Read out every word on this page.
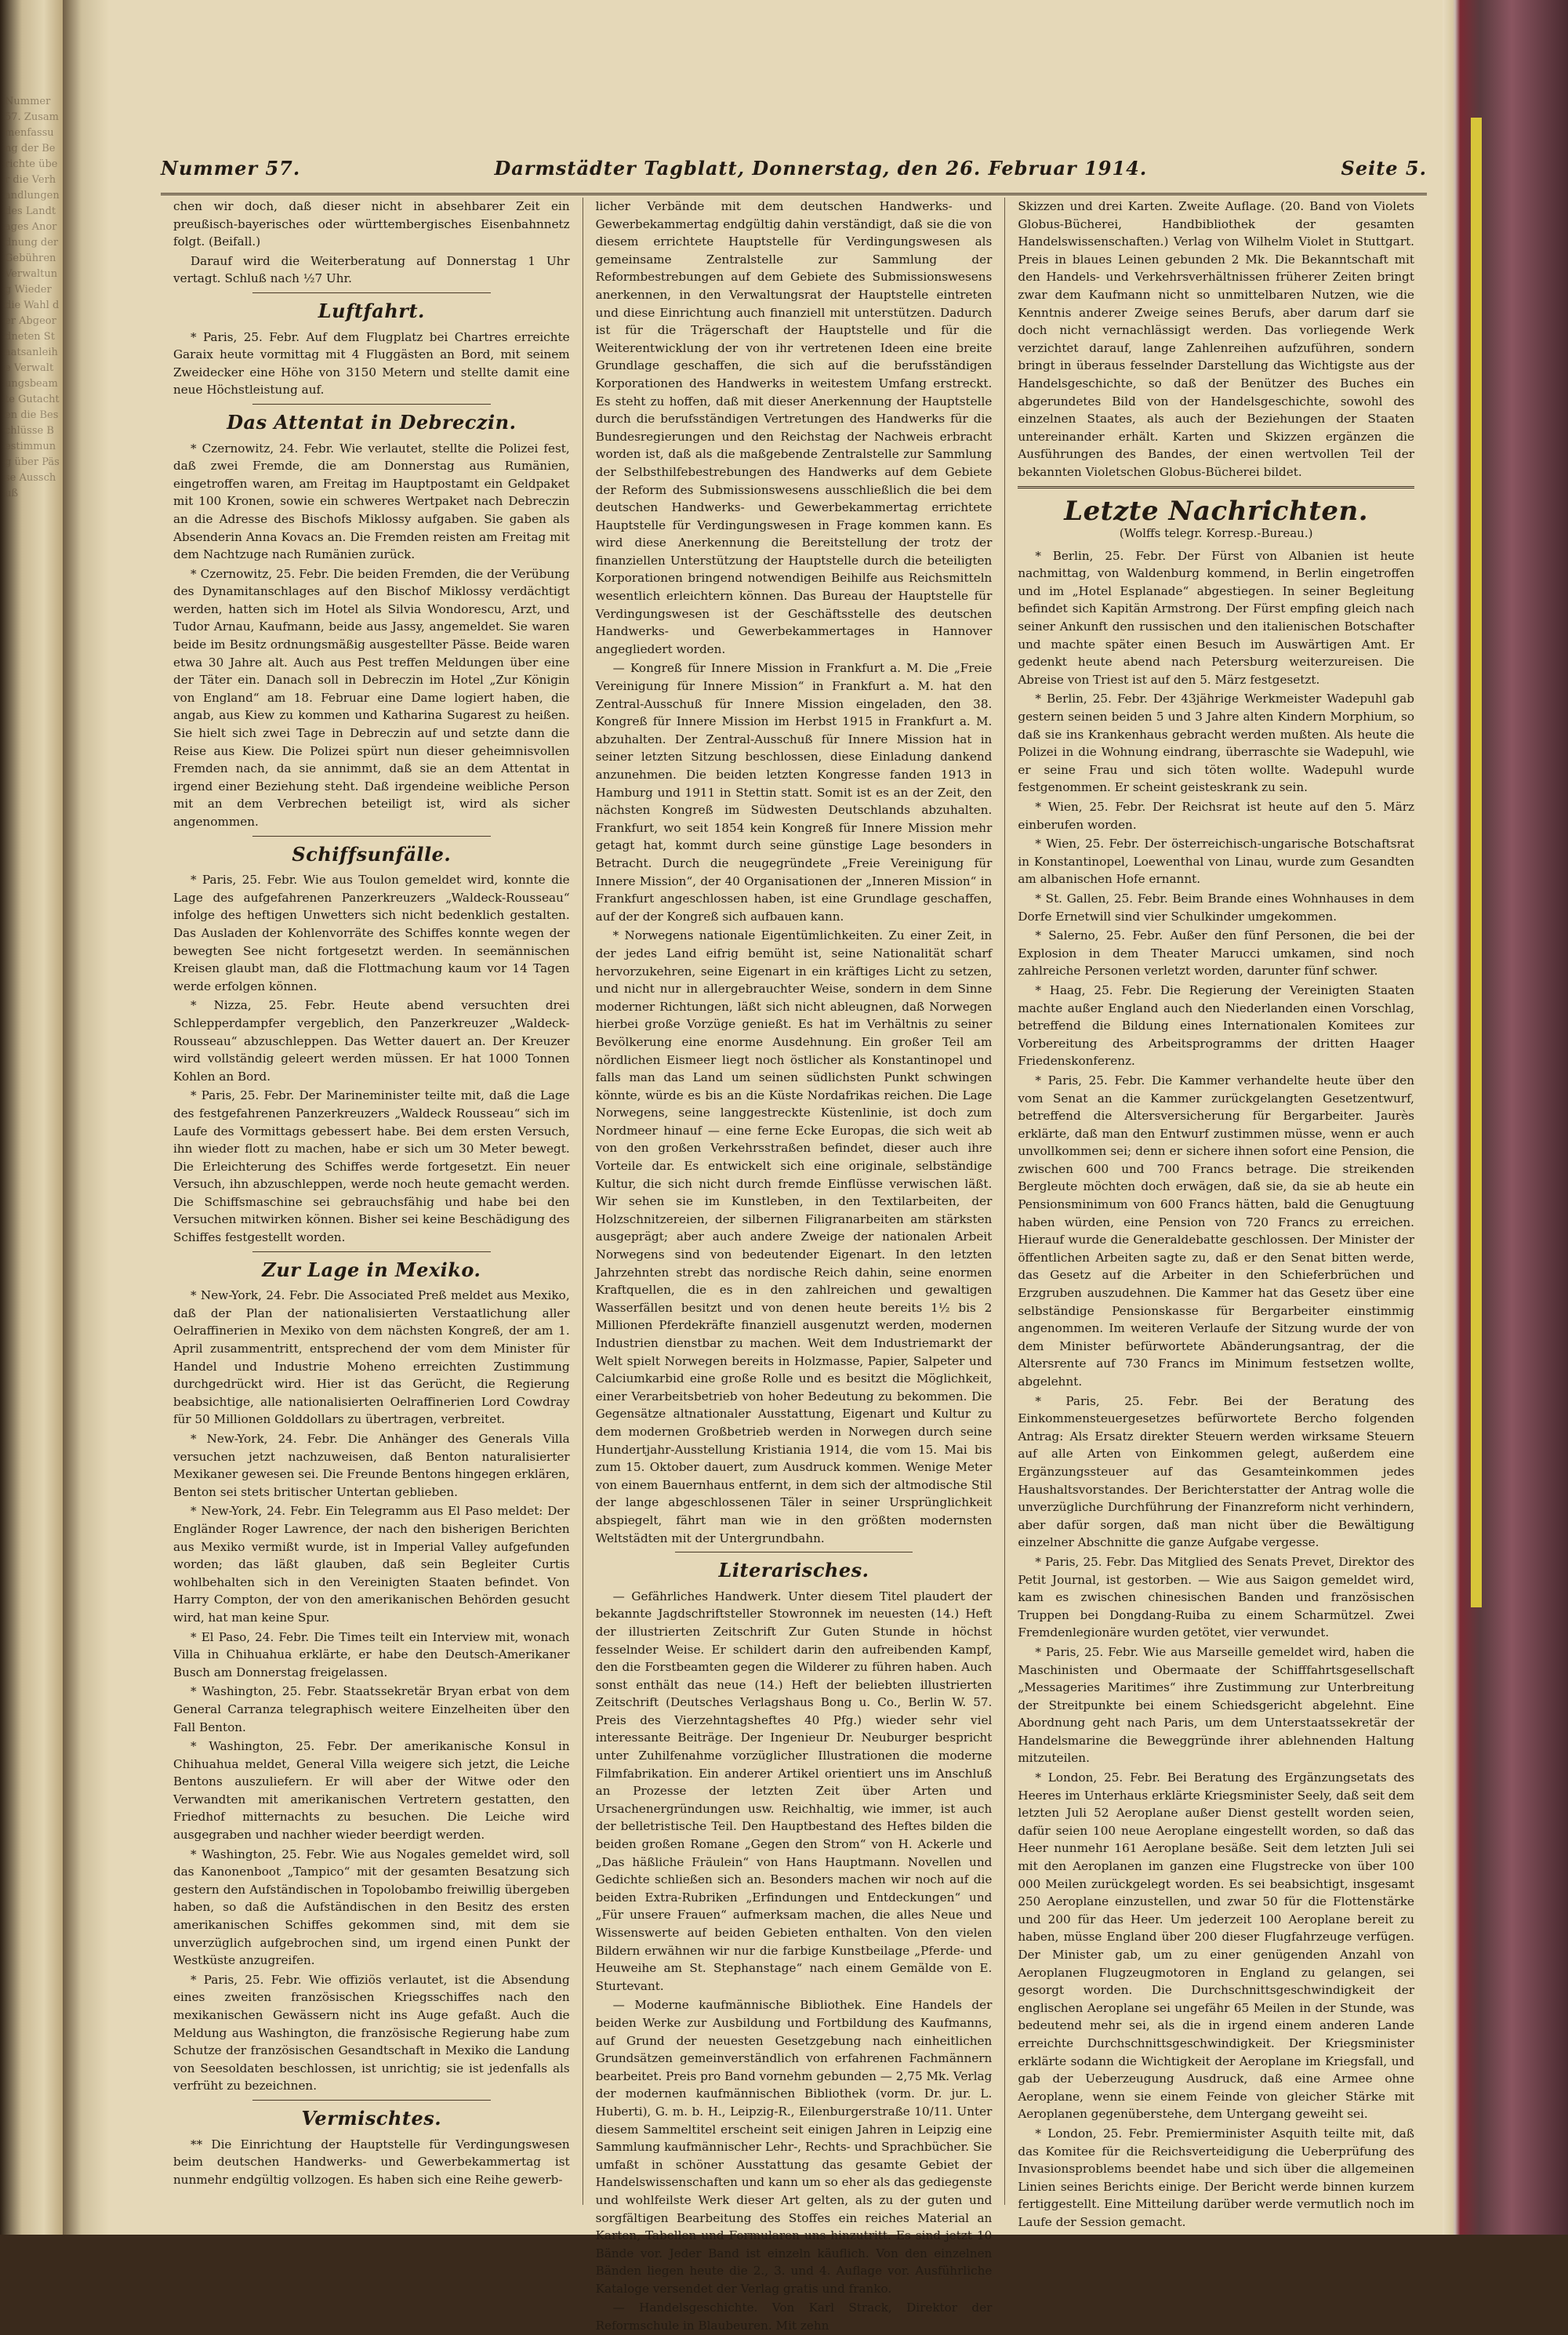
Nummer 57. Zusammenfassung der Berichte über die Verhandlungen des Landtages Anordnung der Gebühren Verwaltung Wieder die Wahl der Abgeordneten Staatsanleihe Verwaltungsbeamte Gutachten die Beschlüsse Bestimmung über Pässe Ausschuß
Nummer 57.	Darmstädter Tagblatt, Donnerstag, den 26. Februar 1914.	Seite 5.

chen wir doch, daß dieser nicht in absehbarer Zeit ein preußisch-bayerisches oder württembergisches Eisenbahnnetz folgt. (Beifall.)

Darauf wird die Weiterberatung auf Donnerstag 1 Uhr vertagt. Schluß nach ½7 Uhr.

Luftfahrt.

* Paris, 25. Febr. Auf dem Flugplatz bei Chartres erreichte Garaix heute vormittag mit 4 Fluggästen an Bord, mit seinem Zweidecker eine Höhe von 3150 Metern und stellte damit eine neue Höchstleistung auf.

Das Attentat in Debreczin.

* Czernowitz, 24. Febr. Wie verlautet, stellte die Polizei fest, daß zwei Fremde, die am Donnerstag aus Rumänien, eingetroffen waren, am Freitag im Hauptpostamt ein Geldpaket mit 100 Kronen, sowie ein schweres Wertpaket nach Debreczin an die Adresse des Bischofs Miklossy aufgaben. Sie gaben als Absenderin Anna Kovacs an. Die Fremden reisten am Freitag mit dem Nachtzuge nach Rumänien zurück.

* Czernowitz, 25. Febr. Die beiden Fremden, die der Verübung des Dynamitanschlages auf den Bischof Miklossy verdächtigt werden, hatten sich im Hotel als Silvia Wondorescu, Arzt, und Tudor Arnau, Kaufmann, beide aus Jassy, angemeldet. Sie waren beide im Besitz ordnungsmäßig ausgestellter Pässe. Beide waren etwa 30 Jahre alt. Auch aus Pest treffen Meldungen über eine der Täter ein. Danach soll in Debreczin im Hotel „Zur Königin von England“ am 18. Februar eine Dame logiert haben, die angab, aus Kiew zu kommen und Katharina Sugarest zu heißen. Sie hielt sich zwei Tage in Debreczin auf und setzte dann die Reise aus Kiew. Die Polizei spürt nun dieser geheimnisvollen Fremden nach, da sie annimmt, daß sie an dem Attentat in irgend einer Beziehung steht. Daß irgendeine weibliche Person mit an dem Verbrechen beteiligt ist, wird als sicher angenommen.

Schiffsunfälle.

* Paris, 25. Febr. Wie aus Toulon gemeldet wird, konnte die Lage des aufgefahrenen Panzerkreuzers „Waldeck-Rousseau“ infolge des heftigen Unwetters sich nicht bedenklich gestalten. Das Ausladen der Kohlenvorräte des Schiffes konnte wegen der bewegten See nicht fortgesetzt werden. In seemännischen Kreisen glaubt man, daß die Flottmachung kaum vor 14 Tagen werde erfolgen können.

* Nizza, 25. Febr. Heute abend versuchten drei Schlepperdampfer vergeblich, den Panzerkreuzer „Waldeck-Rousseau“ abzuschleppen. Das Wetter dauert an. Der Kreuzer wird vollständig geleert werden müssen. Er hat 1000 Tonnen Kohlen an Bord.

* Paris, 25. Febr. Der Marineminister teilte mit, daß die Lage des festgefahrenen Panzerkreuzers „Waldeck Rousseau“ sich im Laufe des Vormittags gebessert habe. Bei dem ersten Versuch, ihn wieder flott zu machen, habe er sich um 30 Meter bewegt. Die Erleichterung des Schiffes werde fortgesetzt. Ein neuer Versuch, ihn abzuschleppen, werde noch heute gemacht werden. Die Schiffsmaschine sei gebrauchsfähig und habe bei den Versuchen mitwirken können. Bisher sei keine Beschädigung des Schiffes festgestellt worden.

Zur Lage in Mexiko.

* New-York, 24. Febr. Die Associated Preß meldet aus Mexiko, daß der Plan der nationalisierten Verstaatlichung aller Oelraffinerien in Mexiko von dem nächsten Kongreß, der am 1. April zusammentritt, entsprechend der vom dem Minister für Handel und Industrie Moheno erreichten Zustimmung durchgedrückt wird. Hier ist das Gerücht, die Regierung beabsichtige, alle nationalisierten Oelraffinerien Lord Cowdray für 50 Millionen Golddollars zu übertragen, verbreitet.

* New-York, 24. Febr. Die Anhänger des Generals Villa versuchen jetzt nachzuweisen, daß Benton naturalisierter Mexikaner gewesen sei. Die Freunde Bentons hingegen erklären, Benton sei stets britischer Untertan geblieben.

* New-York, 24. Febr. Ein Telegramm aus El Paso meldet: Der Engländer Roger Lawrence, der nach den bisherigen Berichten aus Mexiko vermißt wurde, ist in Imperial Valley aufgefunden worden; das läßt glauben, daß sein Begleiter Curtis wohlbehalten sich in den Vereinigten Staaten befindet. Von Harry Compton, der von den amerikanischen Behörden gesucht wird, hat man keine Spur.

* El Paso, 24. Febr. Die Times teilt ein Interview mit, wonach Villa in Chihuahua erklärte, er habe den Deutsch-Amerikaner Busch am Donnerstag freigelassen.

* Washington, 25. Febr. Staatssekretär Bryan erbat von dem General Carranza telegraphisch weitere Einzelheiten über den Fall Benton.

* Washington, 25. Febr. Der amerikanische Konsul in Chihuahua meldet, General Villa weigere sich jetzt, die Leiche Bentons auszuliefern. Er will aber der Witwe oder den Verwandten mit amerikanischen Vertretern gestatten, den Friedhof mitternachts zu besuchen. Die Leiche wird ausgegraben und nachher wieder beerdigt werden.

* Washington, 25. Febr. Wie aus Nogales gemeldet wird, soll das Kanonenboot „Tampico“ mit der gesamten Besatzung sich gestern den Aufständischen in Topolobambo freiwillig übergeben haben, so daß die Aufständischen in den Besitz des ersten amerikanischen Schiffes gekommen sind, mit dem sie unverzüglich aufgebrochen sind, um irgend einen Punkt der Westküste anzugreifen.

* Paris, 25. Febr. Wie offiziös verlautet, ist die Absendung eines zweiten französischen Kriegsschiffes nach den mexikanischen Gewässern nicht ins Auge gefaßt. Auch die Meldung aus Washington, die französische Regierung habe zum Schutze der französischen Gesandtschaft in Mexiko die Landung von Seesoldaten beschlossen, ist unrichtig; sie ist jedenfalls als verfrüht zu bezeichnen.

Vermischtes.

** Die Einrichtung der Hauptstelle für Verdingungswesen beim deutschen Handwerks- und Gewerbekammertag ist nunmehr endgültig vollzogen. Es haben sich eine Reihe gewerb-

licher Verbände mit dem deutschen Handwerks- und Gewerbekammertag endgültig dahin verständigt, daß sie die von diesem errichtete Hauptstelle für Verdingungswesen als gemeinsame Zentralstelle zur Sammlung der Reformbestrebungen auf dem Gebiete des Submissionswesens anerkennen, in den Verwaltungsrat der Hauptstelle eintreten und diese Einrichtung auch finanziell mit unterstützen. Dadurch ist für die Trägerschaft der Hauptstelle und für die Weiterentwicklung der von ihr vertretenen Ideen eine breite Grundlage geschaffen, die sich auf die berufsständigen Korporationen des Handwerks in weitestem Umfang erstreckt. Es steht zu hoffen, daß mit dieser Anerkennung der Hauptstelle durch die berufsständigen Vertretungen des Handwerks für die Bundesregierungen und den Reichstag der Nachweis erbracht worden ist, daß als die maßgebende Zentralstelle zur Sammlung der Selbsthilfebestrebungen des Handwerks auf dem Gebiete der Reform des Submissionswesens ausschließlich die bei dem deutschen Handwerks- und Gewerbekammertag errichtete Hauptstelle für Verdingungswesen in Frage kommen kann. Es wird diese Anerkennung die Bereitstellung der trotz der finanziellen Unterstützung der Hauptstelle durch die beteiligten Korporationen bringend notwendigen Beihilfe aus Reichsmitteln wesentlich erleichtern können. Das Bureau der Hauptstelle für Verdingungswesen ist der Geschäftsstelle des deutschen Handwerks- und Gewerbekammertages in Hannover angegliedert worden.

— Kongreß für Innere Mission in Frankfurt a. M. Die „Freie Vereinigung für Innere Mission“ in Frankfurt a. M. hat den Zentral-Ausschuß für Innere Mission eingeladen, den 38. Kongreß für Innere Mission im Herbst 1915 in Frankfurt a. M. abzuhalten. Der Zentral-Ausschuß für Innere Mission hat in seiner letzten Sitzung beschlossen, diese Einladung dankend anzunehmen. Die beiden letzten Kongresse fanden 1913 in Hamburg und 1911 in Stettin statt. Somit ist es an der Zeit, den nächsten Kongreß im Südwesten Deutschlands abzuhalten. Frankfurt, wo seit 1854 kein Kongreß für Innere Mission mehr getagt hat, kommt durch seine günstige Lage besonders in Betracht. Durch die neugegründete „Freie Vereinigung für Innere Mission“, der 40 Organisationen der „Inneren Mission“ in Frankfurt angeschlossen haben, ist eine Grundlage geschaffen, auf der der Kongreß sich aufbauen kann.

* Norwegens nationale Eigentümlichkeiten. Zu einer Zeit, in der jedes Land eifrig bemüht ist, seine Nationalität scharf hervorzukehren, seine Eigenart in ein kräftiges Licht zu setzen, und nicht nur in allergebrauchter Weise, sondern in dem Sinne moderner Richtungen, läßt sich nicht ableugnen, daß Norwegen hierbei große Vorzüge genießt. Es hat im Verhältnis zu seiner Bevölkerung eine enorme Ausdehnung. Ein großer Teil am nördlichen Eismeer liegt noch östlicher als Konstantinopel und falls man das Land um seinen südlichsten Punkt schwingen könnte, würde es bis an die Küste Nordafrikas reichen. Die Lage Norwegens, seine langgestreckte Küstenlinie, ist doch zum Nordmeer hinauf — eine ferne Ecke Europas, die sich weit ab von den großen Verkehrsstraßen befindet, dieser auch ihre Vorteile dar. Es entwickelt sich eine originale, selbständige Kultur, die sich nicht durch fremde Einflüsse verwischen läßt. Wir sehen sie im Kunstleben, in den Textilarbeiten, der Holzschnitzereien, der silbernen Filigranarbeiten am stärksten ausgeprägt; aber auch andere Zweige der nationalen Arbeit Norwegens sind von bedeutender Eigenart. In den letzten Jahrzehnten strebt das nordische Reich dahin, seine enormen Kraftquellen, die es in den zahlreichen und gewaltigen Wasserfällen besitzt und von denen heute bereits 1½ bis 2 Millionen Pferdekräfte finanziell ausgenutzt werden, modernen Industrien dienstbar zu machen. Weit dem Industriemarkt der Welt spielt Norwegen bereits in Holzmasse, Papier, Salpeter und Calciumkarbid eine große Rolle und es besitzt die Möglichkeit, einer Verarbeitsbetrieb von hoher Bedeutung zu bekommen. Die Gegensätze altnationaler Ausstattung, Eigenart und Kultur zu dem modernen Großbetrieb werden in Norwegen durch seine Hundertjahr-Ausstellung Kristiania 1914, die vom 15. Mai bis zum 15. Oktober dauert, zum Ausdruck kommen. Wenige Meter von einem Bauernhaus entfernt, in dem sich der altmodische Stil der lange abgeschlossenen Täler in seiner Ursprünglichkeit abspiegelt, fährt man wie in den größten modernsten Weltstädten mit der Untergrundbahn.

Literarisches.

— Gefährliches Handwerk. Unter diesem Titel plaudert der bekannte Jagdschriftsteller Stowronnek im neuesten (14.) Heft der illustrierten Zeitschrift Zur Guten Stunde in höchst fesselnder Weise. Er schildert darin den aufreibenden Kampf, den die Forstbeamten gegen die Wilderer zu führen haben. Auch sonst enthält das neue (14.) Heft der beliebten illustrierten Zeitschrift (Deutsches Verlagshaus Bong u. Co., Berlin W. 57. Preis des Vierzehntagsheftes 40 Pfg.) wieder sehr viel interessante Beiträge. Der Ingenieur Dr. Neuburger bespricht unter Zuhilfenahme vorzüglicher Illustrationen die moderne Filmfabrikation. Ein anderer Artikel orientiert uns im Anschluß an Prozesse der letzten Zeit über Arten und Ursachenergründungen usw. Reichhaltig, wie immer, ist auch der belletristische Teil. Den Hauptbestand des Heftes bilden die beiden großen Romane „Gegen den Strom“ von H. Ackerle und „Das häßliche Fräulein“ von Hans Hauptmann. Novellen und Gedichte schließen sich an. Besonders machen wir noch auf die beiden Extra-Rubriken „Erfindungen und Entdeckungen“ und „Für unsere Frauen“ aufmerksam machen, die alles Neue und Wissenswerte auf beiden Gebieten enthalten. Von den vielen Bildern erwähnen wir nur die farbige Kunstbeilage „Pferde- und Heuweihe am St. Stephanstage“ nach einem Gemälde von E. Sturtevant.

— Moderne kaufmännische Bibliothek. Eine Handels der beiden Werke zur Ausbildung und Fortbildung des Kaufmanns, auf Grund der neuesten Gesetzgebung nach einheitlichen Grundsätzen gemeinverständlich von erfahrenen Fachmännern bearbeitet. Preis pro Band vornehm gebunden — 2,75 Mk. Verlag der modernen kaufmännischen Bibliothek (vorm. Dr. jur. L. Huberti), G. m. b. H., Leipzig-R., Eilenburgerstraße 10/11. Unter diesem Sammeltitel erscheint seit einigen Jahren in Leipzig eine Sammlung kaufmännischer Lehr-, Rechts- und Sprachbücher. Sie umfaßt in schöner Ausstattung das gesamte Gebiet der Handelswissenschaften und kann um so eher als das gediegenste und wohlfeilste Werk dieser Art gelten, als zu der guten und sorgfältigen Bearbeitung des Stoffes ein reiches Material an Karten, Tabellen und Formularen uns hinzutritt. Es sind jetzt 10 Bände vor. Jeder Band ist einzeln käuflich. Von den einzelnen Bänden liegen heute die 2., 3. und 4. Auflage vor. Ausführliche Kataloge versendet der Verlag gratis und franko.

— Handelsgeschichte. Von Karl Strack, Direktor der Reformschule in Blaubeuren. Mit zehn

Skizzen und drei Karten. Zweite Auflage. (20. Band von Violets Globus-Bücherei, Handbibliothek der gesamten Handelswissenschaften.) Verlag von Wilhelm Violet in Stuttgart. Preis in blaues Leinen gebunden 2 Mk. Die Bekanntschaft mit den Handels- und Verkehrsverhältnissen früherer Zeiten bringt zwar dem Kaufmann nicht so unmittelbaren Nutzen, wie die Kenntnis anderer Zweige seines Berufs, aber darum darf sie doch nicht vernachlässigt werden. Das vorliegende Werk verzichtet darauf, lange Zahlenreihen aufzuführen, sondern bringt in überaus fesselnder Darstellung das Wichtigste aus der Handelsgeschichte, so daß der Benützer des Buches ein abgerundetes Bild von der Handelsgeschichte, sowohl des einzelnen Staates, als auch der Beziehungen der Staaten untereinander erhält. Karten und Skizzen ergänzen die Ausführungen des Bandes, der einen wertvollen Teil der bekannten Violetschen Globus-Bücherei bildet.

Letzte Nachrichten.
(Wolffs telegr. Korresp.-Bureau.)

* Berlin, 25. Febr. Der Fürst von Albanien ist heute nachmittag, von Waldenburg kommend, in Berlin eingetroffen und im „Hotel Esplanade“ abgestiegen. In seiner Begleitung befindet sich Kapitän Armstrong. Der Fürst empfing gleich nach seiner Ankunft den russischen und den italienischen Botschafter und machte später einen Besuch im Auswärtigen Amt. Er gedenkt heute abend nach Petersburg weiterzureisen. Die Abreise von Triest ist auf den 5. März festgesetzt.

* Berlin, 25. Febr. Der 43jährige Werkmeister Wadepuhl gab gestern seinen beiden 5 und 3 Jahre alten Kindern Morphium, so daß sie ins Krankenhaus gebracht werden mußten. Als heute die Polizei in die Wohnung eindrang, überraschte sie Wadepuhl, wie er seine Frau und sich töten wollte. Wadepuhl wurde festgenommen. Er scheint geisteskrank zu sein.

* Wien, 25. Febr. Der Reichsrat ist heute auf den 5. März einberufen worden.

* Wien, 25. Febr. Der österreichisch-ungarische Botschaftsrat in Konstantinopel, Loewenthal von Linau, wurde zum Gesandten am albanischen Hofe ernannt.

* St. Gallen, 25. Febr. Beim Brande eines Wohnhauses in dem Dorfe Ernetwill sind vier Schulkinder umgekommen.

* Salerno, 25. Febr. Außer den fünf Personen, die bei der Explosion in dem Theater Marucci umkamen, sind noch zahlreiche Personen verletzt worden, darunter fünf schwer.

* Haag, 25. Febr. Die Regierung der Vereinigten Staaten machte außer England auch den Niederlanden einen Vorschlag, betreffend die Bildung eines Internationalen Komitees zur Vorbereitung des Arbeitsprogramms der dritten Haager Friedenskonferenz.

* Paris, 25. Febr. Die Kammer verhandelte heute über den vom Senat an die Kammer zurückgelangten Gesetzentwurf, betreffend die Altersversicherung für Bergarbeiter. Jaurès erklärte, daß man den Entwurf zustimmen müsse, wenn er auch unvollkommen sei; denn er sichere ihnen sofort eine Pension, die zwischen 600 und 700 Francs betrage. Die streikenden Bergleute möchten doch erwägen, daß sie, da sie ab heute ein Pensionsminimum von 600 Francs hätten, bald die Genugtuung haben würden, eine Pension von 720 Francs zu erreichen. Hierauf wurde die Generaldebatte geschlossen. Der Minister der öffentlichen Arbeiten sagte zu, daß er den Senat bitten werde, das Gesetz auf die Arbeiter in den Schieferbrüchen und Erzgruben auszudehnen. Die Kammer hat das Gesetz über eine selbständige Pensionskasse für Bergarbeiter einstimmig angenommen. Im weiteren Verlaufe der Sitzung wurde der von dem Minister befürwortete Abänderungsantrag, der die Altersrente auf 730 Francs im Minimum festsetzen wollte, abgelehnt.

* Paris, 25. Febr. Bei der Beratung des Einkommensteuergesetzes befürwortete Bercho folgenden Antrag: Als Ersatz direkter Steuern werden wirksame Steuern auf alle Arten von Einkommen gelegt, außerdem eine Ergänzungssteuer auf das Gesamteinkommen jedes Haushaltsvorstandes. Der Berichterstatter der Antrag wolle die unverzügliche Durchführung der Finanzreform nicht verhindern, aber dafür sorgen, daß man nicht über die Bewältigung einzelner Abschnitte die ganze Aufgabe vergesse.

* Paris, 25. Febr. Das Mitglied des Senats Prevet, Direktor des Petit Journal, ist gestorben. — Wie aus Saigon gemeldet wird, kam es zwischen chinesischen Banden und französischen Truppen bei Dongdang-Ruiba zu einem Scharmützel. Zwei Fremdenlegionäre wurden getötet, vier verwundet.

* Paris, 25. Febr. Wie aus Marseille gemeldet wird, haben die Maschinisten und Obermaate der Schifffahrtsgesellschaft „Messageries Maritimes“ ihre Zustimmung zur Unterbreitung der Streitpunkte bei einem Schiedsgericht abgelehnt. Eine Abordnung geht nach Paris, um dem Unterstaatssekretär der Handelsmarine die Beweggründe ihrer ablehnenden Haltung mitzuteilen.

* London, 25. Febr. Bei Beratung des Ergänzungsetats des Heeres im Unterhaus erklärte Kriegsminister Seely, daß seit dem letzten Juli 52 Aeroplane außer Dienst gestellt worden seien, dafür seien 100 neue Aeroplane eingestellt worden, so daß das Heer nunmehr 161 Aeroplane besäße. Seit dem letzten Juli sei mit den Aeroplanen im ganzen eine Flugstrecke von über 100 000 Meilen zurückgelegt worden. Es sei beabsichtigt, insgesamt 250 Aeroplane einzustellen, und zwar 50 für die Flottenstärke und 200 für das Heer. Um jederzeit 100 Aeroplane bereit zu haben, müsse England über 200 dieser Flugfahrzeuge verfügen. Der Minister gab, um zu einer genügenden Anzahl von Aeroplanen Flugzeugmotoren in England zu gelangen, sei gesorgt worden. Die Durchschnittsgeschwindigkeit der englischen Aeroplane sei ungefähr 65 Meilen in der Stunde, was bedeutend mehr sei, als die in irgend einem anderen Lande erreichte Durchschnittsgeschwindigkeit. Der Kriegsminister erklärte sodann die Wichtigkeit der Aeroplane im Kriegsfall, und gab der Ueberzeugung Ausdruck, daß eine Armee ohne Aeroplane, wenn sie einem Feinde von gleicher Stärke mit Aeroplanen gegenüberstehe, dem Untergang geweiht sei.

* London, 25. Febr. Premierminister Asquith teilte mit, daß das Komitee für die Reichsverteidigung die Ueberprüfung des Invasionsproblems beendet habe und sich über die allgemeinen Linien seines Berichts einige. Der Bericht werde binnen kurzem fertiggestellt. Eine Mitteilung darüber werde vermutlich noch im Laufe der Session gemacht.
